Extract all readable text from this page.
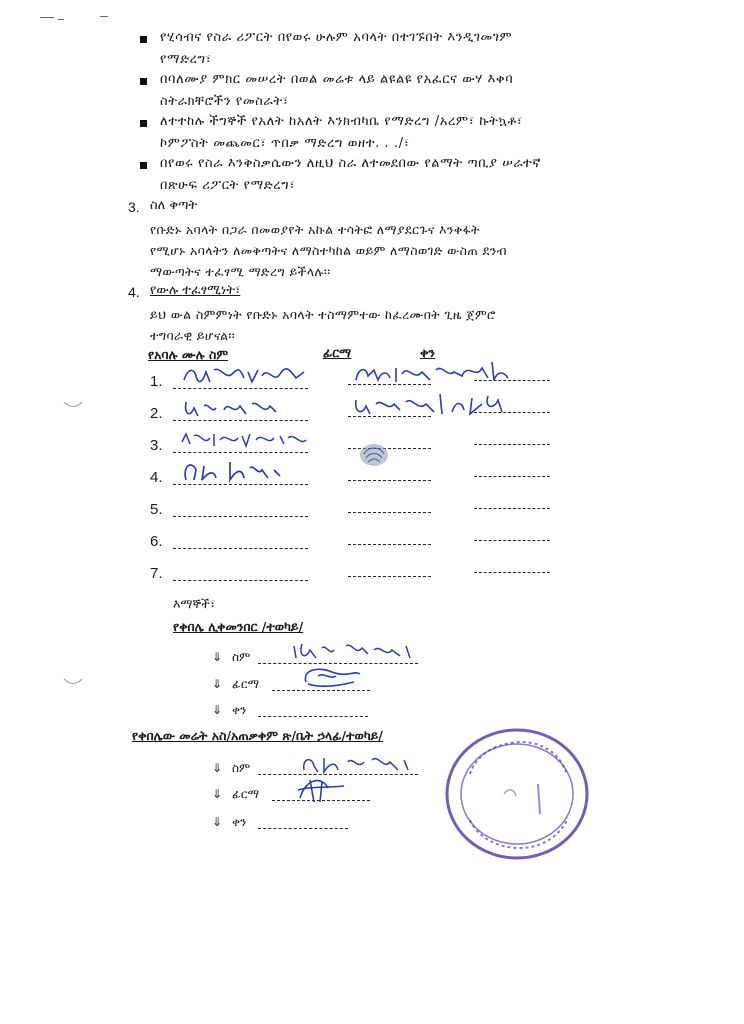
የሂሳብና የስራ ሪፖርት በየወሩ ሁሉም አባላት በተገኙበት እንዲገመገም
የማድረግ፣
በባለሙያ ምክር መሠረት በወል መሬቱ ላይ ልዩልዩ የአፈርና ውሃ እቀባ
ስትራክቸሮችን የመስራት፣
ለተተከሉ ችግኞች የአለት ከአለት እንክብካቤ የማድረግ /አረም፣ ኩትኳቶ፣
ኮምፖስት መጨመር፣ ጥበቃ ማድረግ ወዘተ. . ./፣
በየወሩ የስራ እንቅስቃሴውን ለዚህ ስራ ለተመደበው የልማት ጣቢያ ሠራተኛ
በጽሁፍ ሪፖርት የማድረግ፣
3. ስለ ቅጣት
የቡድኑ አባላት በጋራ በመወያየት አኩል ተሳትፎ ለማያደርጉና እንቅፋት
የሚሆኑ አባላትን ለመቅጣትና ለማስተካከል ወይም ለማስወገድ ውስጠ ደንብ
ማውጣትና ተፈፃሚ ማድረግ ይችላሉ፡፡
4. የውሉ ተፈፃሚነት፣
ይህ ውል ስምምነት የቡድኑ አባላት ተስማምተው ከፈረሙበት ጊዜ ጀምሮ
ተግባራዊ ይሆናል፡፡
የአባሉ ሙሉ ስም	ፊርማ	ቀን
1.
2.
3.
4.
5.
6.
7.
እማኞች፣
የቀበሌ ሊቀመንበር /ተወካይ/
⇓ ስም
⇓ ፊርማ
⇓ ቀን
የቀበሌው መሬት አስ/አጠቃቀም ጽ/ቤት ኃላፊ/ተወካይ/
⇓ ስም
⇓ ፊርማ
⇓ ቀን
